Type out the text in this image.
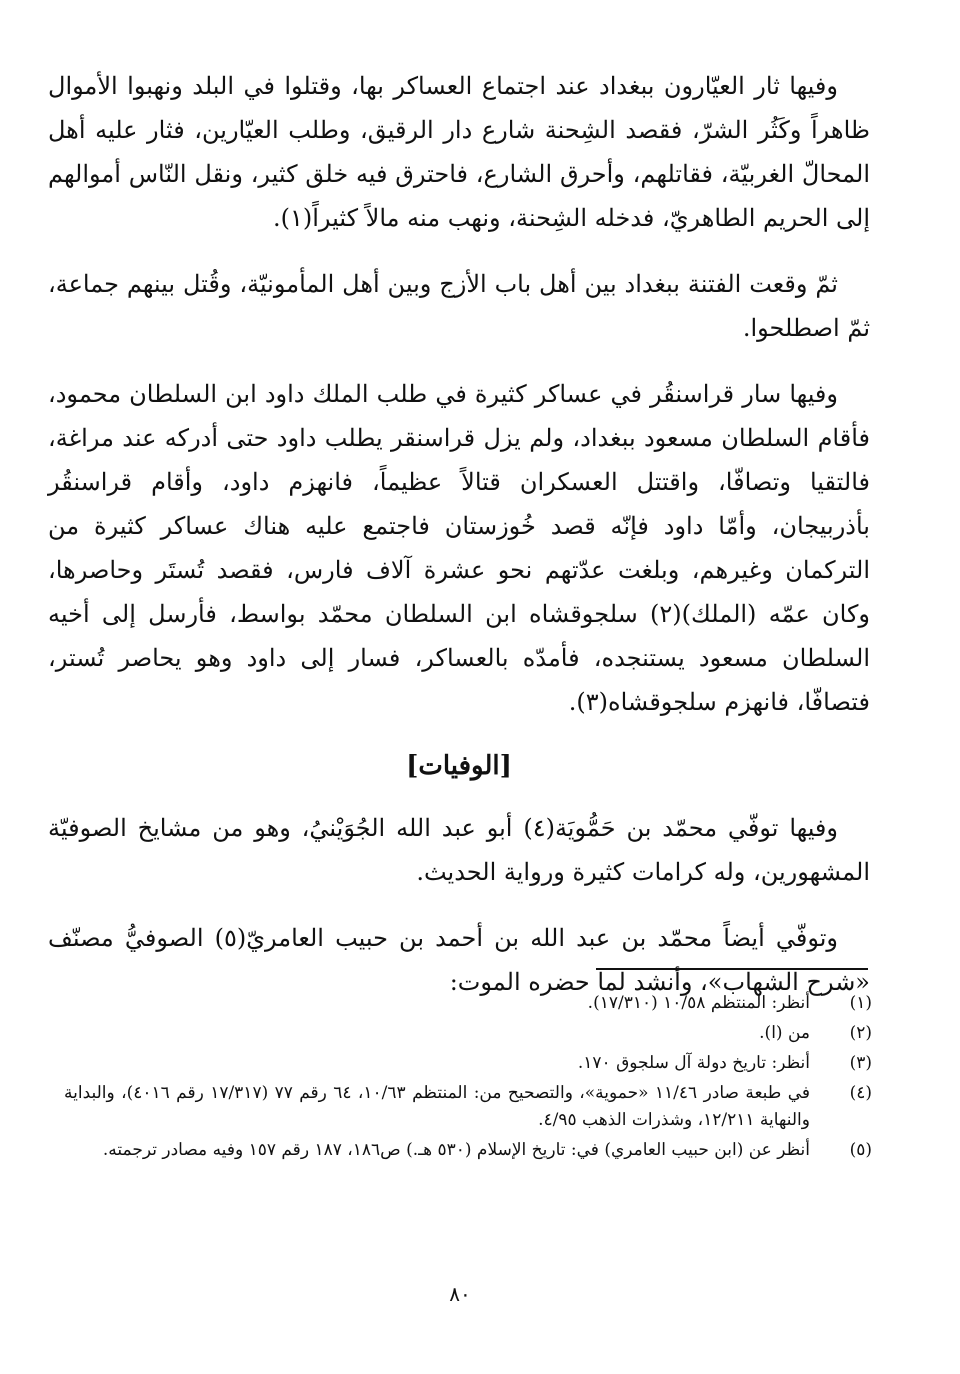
وفيها ثار العيّارون ببغداد عند اجتماع العساكر بها، وقتلوا في البلد ونهبوا الأموال ظاهراً وكَثُر الشرّ، فقصد الشِحنة شارع دار الرقيق، وطلب العيّارين، فثار عليه أهل المحالّ الغربيّة، فقاتلهم، وأحرق الشارع، فاحترق فيه خلق كثير، ونقل النّاس أموالهم إلى الحريم الطاهريّ، فدخله الشِحنة، ونهب منه مالاً كثيراً(١).

ثمّ وقعت الفتنة ببغداد بين أهل باب الأزج وبين أهل المأمونيّة، وقُتل بينهم جماعة، ثمّ اصطلحوا.

وفيها سار قراسنقُر في عساكر كثيرة في طلب الملك داود ابن السلطان محمود، فأقام السلطان مسعود ببغداد، ولم يزل قراسنقر يطلب داود حتى أدركه عند مراغة، فالتقيا وتصافّا، واقتتل العسكران قتالاً عظيماً، فانهزم داود، وأقام قراسنقُر بأذربيجان، وأمّا داود فإنّه قصد خُوزستان فاجتمع عليه هناك عساكر كثيرة من التركمان وغيرهم، وبلغت عدّتهم نحو عشرة آلاف فارس، فقصد تُستَر وحاصرها، وكان عمّه (الملك)(٢) سلجوقشاه ابن السلطان محمّد بواسط، فأرسل إلى أخيه السلطان مسعود يستنجده، فأمدّه بالعساكر، فسار إلى داود وهو يحاصر تُستر، فتصافّا، فانهزم سلجوقشاه(٣).

[الوفيات]

وفيها توفّي محمّد بن حَمُّويَة(٤) أبو عبد الله الجُوَيْنيُ، وهو من مشايخ الصوفيّة المشهورين، وله كرامات كثيرة ورواية الحديث.

وتوفّي أيضاً محمّد بن عبد الله بن أحمد بن حبيب العامريّ(٥) الصوفيُّ مصنّف «شرح الشهاب»، وأنشد لما حضره الموت:

(١)
أنظر: المنتظم ١٠/٥٨ (١٧/٣١٠).
(٢)
من (ا).
(٣)
أنظر: تاريخ دولة آل سلجوق ١٧٠.
(٤)
في طبعة صادر ١١/٤٦ «حموية»، والتصحيح من: المنتظم ١٠/٦٣، ٦٤ رقم ٧٧ (١٧/٣١٧ رقم ٤٠١٦)، والبداية والنهاية ١٢/٢١١، وشذرات الذهب ٤/٩٥.
(٥)
أنظر عن (ابن حبيب العامري) في: تاريخ الإسلام (٥٣٠ هـ.) ص١٨٦، ١٨٧ رقم ١٥٧ وفيه مصادر ترجمته.
٨٠
